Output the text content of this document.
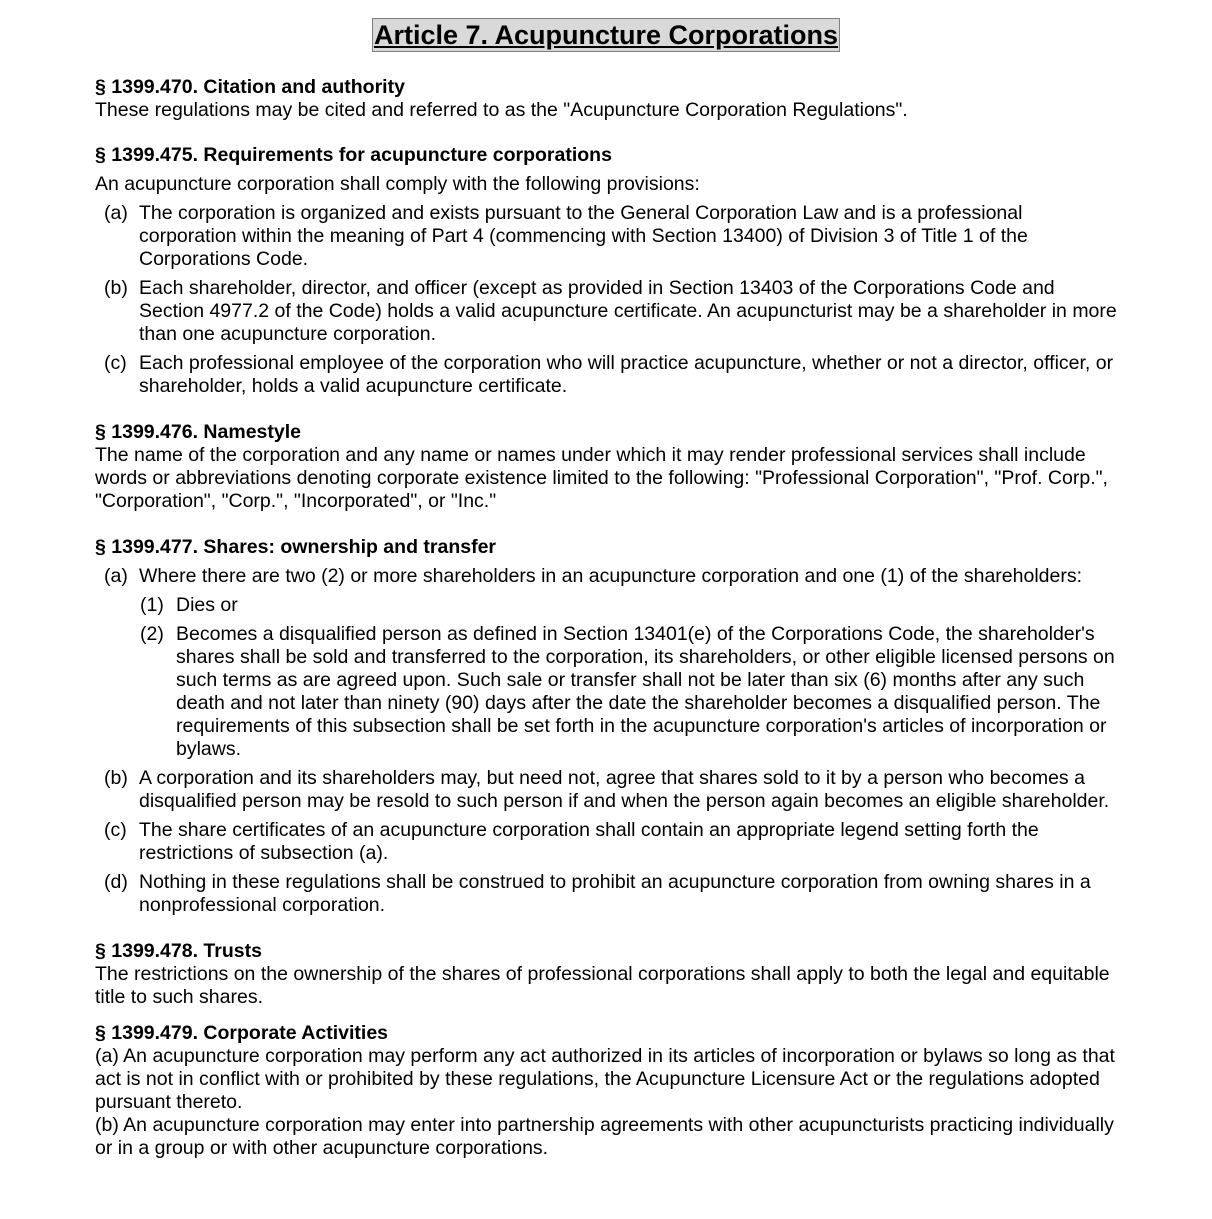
Article 7. Acupuncture Corporations
§ 1399.470. Citation and authority

These regulations may be cited and referred to as the "Acupuncture Corporation Regulations".

§ 1399.475. Requirements for acupuncture corporations

An acupuncture corporation shall comply with the following provisions:

(a) The corporation is organized and exists pursuant to the General Corporation Law and is a professional corporation within the meaning of Part 4 (commencing with Section 13400) of Division 3 of Title 1 of the Corporations Code.
(b) Each shareholder, director, and officer (except as provided in Section 13403 of the Corporations Code and Section 4977.2 of the Code) holds a valid acupuncture certificate. An acupuncturist may be a shareholder in more than one acupuncture corporation.
(c) Each professional employee of the corporation who will practice acupuncture, whether or not a director, officer, or shareholder, holds a valid acupuncture certificate.
§ 1399.476. Namestyle

The name of the corporation and any name or names under which it may render professional services shall include words or abbreviations denoting corporate existence limited to the following: "Professional Corporation", "Prof. Corp.", "Corporation", "Corp.", "Incorporated", or "Inc."

§ 1399.477. Shares: ownership and transfer
(a) Where there are two (2) or more shareholders in an acupuncture corporation and one (1) of the shareholders:
(1) Dies or
(2) Becomes a disqualified person as defined in Section 13401(e) of the Corporations Code, the shareholder's shares shall be sold and transferred to the corporation, its shareholders, or other eligible licensed persons on such terms as are agreed upon. Such sale or transfer shall not be later than six (6) months after any such death and not later than ninety (90) days after the date the shareholder becomes a disqualified person. The requirements of this subsection shall be set forth in the acupuncture corporation's articles of incorporation or bylaws.
(b) A corporation and its shareholders may, but need not, agree that shares sold to it by a person who becomes a disqualified person may be resold to such person if and when the person again becomes an eligible shareholder.
(c) The share certificates of an acupuncture corporation shall contain an appropriate legend setting forth the restrictions of subsection (a).
(d) Nothing in these regulations shall be construed to prohibit an acupuncture corporation from owning shares in a nonprofessional corporation.
§ 1399.478. Trusts

The restrictions on the ownership of the shares of professional corporations shall apply to both the legal and equitable title to such shares.

§ 1399.479. Corporate Activities

(a) An acupuncture corporation may perform any act authorized in its articles of incorporation or bylaws so long as that act is not in conflict with or prohibited by these regulations, the Acupuncture Licensure Act or the regulations adopted pursuant thereto.

(b) An acupuncture corporation may enter into partnership agreements with other acupuncturists practicing individually or in a group or with other acupuncture corporations.
